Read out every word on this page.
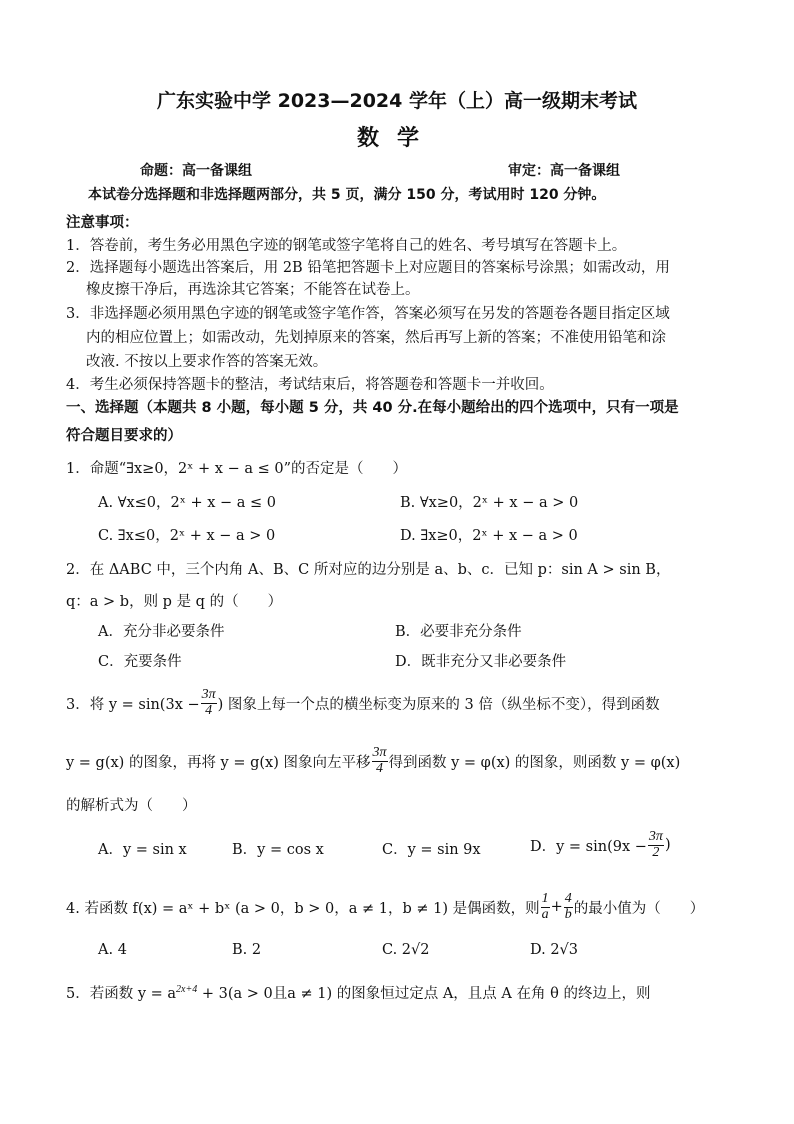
广东实验中学 2023—2024 学年（上）高一级期末考试
数学
命题：高一备课组	审定：高一备课组
本试卷分选择题和非选择题两部分，共 5 页，满分 150 分，考试用时 120 分钟。
注意事项：
1．答卷前，考生务必用黑色字迹的钢笔或签字笔将自己的姓名、考号填写在答题卡上。
2．选择题每小题选出答案后，用 2B 铅笔把答题卡上对应题目的答案标号涂黑；如需改动，用
橡皮擦干净后，再选涂其它答案；不能答在试卷上。
3．非选择题必须用黑色字迹的钢笔或签字笔作答，答案必须写在另发的答题卷各题目指定区域
内的相应位置上；如需改动，先划掉原来的答案，然后再写上新的答案；不准使用铅笔和涂
改液. 不按以上要求作答的答案无效。
4．考生必须保持答题卡的整洁，考试结束后，将答题卷和答题卡一并收回。
一、选择题（本题共 8 小题，每小题 5 分，共 40 分.在每小题给出的四个选项中，只有一项是
符合题目要求的）
1．命题“∃x≥0，2ˣ + x − a ≤ 0”的否定是（　　）
A. ∀x≤0，2ˣ + x − a ≤ 0	B. ∀x≥0，2ˣ + x − a > 0
C. ∃x≤0，2ˣ + x − a > 0	D. ∃x≥0，2ˣ + x − a > 0
2．在 ΔABC 中，三个内角 A、B、C 所对应的边分别是 a、b、c．已知 p：sin A > sin B，
q：a > b，则 p 是 q 的（　　）
A．充分非必要条件	B．必要非充分条件
C．充要条件	D．既非充分又非必要条件
3．将 $y = \sin(3x - \frac{3\pi}{4}$ ) 图象上每一个点的横坐标变为原来的 3 倍（纵坐标不变），得到函数
y = g(x) 的图象，再将 y = g(x) 图象向左平移 $\frac{3\pi}{4}$ 得到函数 y = φ(x) 的图象，则函数 y = φ(x)
的解析式为（　　）
A．y = sin x	B．y = cos x	C．y = sin 9x	D．$y = \sin(9x - \frac{3\pi}{2}$ )
4. 若函数 f(x) = aˣ + bˣ (a > 0，b > 0，a ≠ 1，b ≠ 1) 是偶函数，则 $\frac{1}{a} + \frac{4}{b}$ 的最小值为（　　）
A. 4	B. 2	C. 2√2	D. 2√3
5．若函数 $y = a^{2x+4} + 3(a > 0$且a ≠ 1) 的图象恒过定点 A，且点 A 在角 θ 的终边上，则
